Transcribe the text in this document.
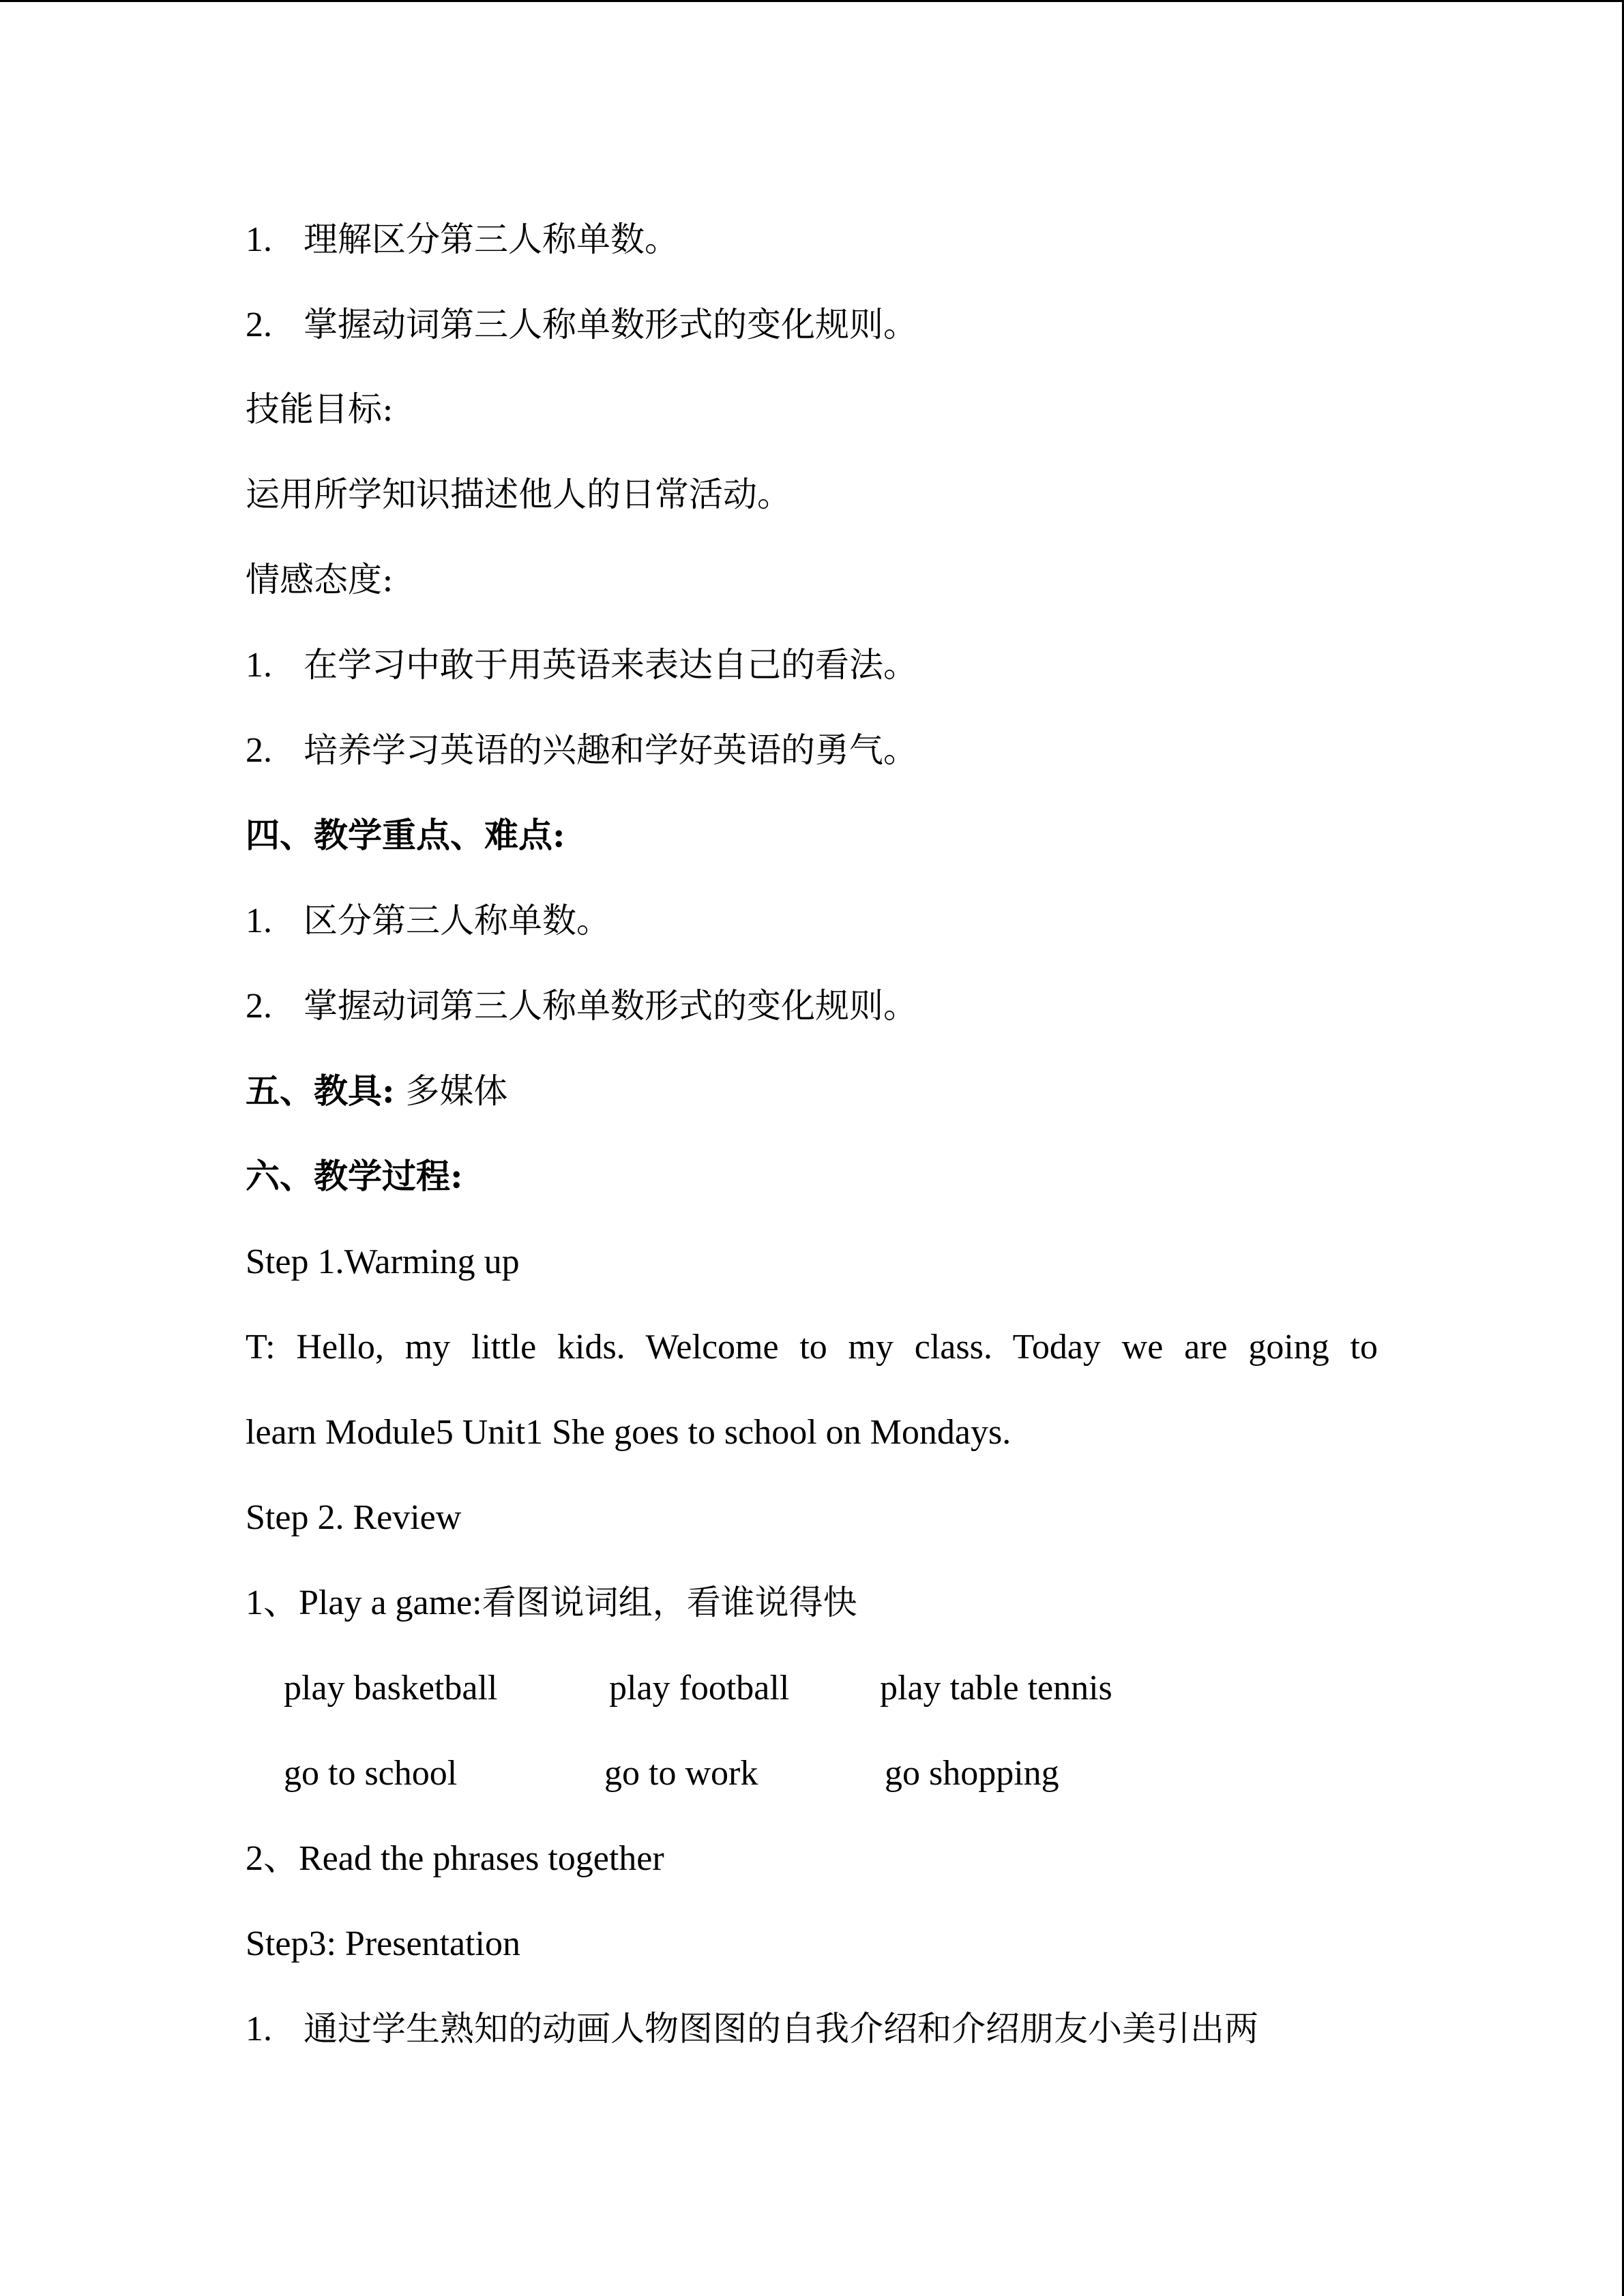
1. 理解区分第三人称单数。
2. 掌握动词第三人称单数形式的变化规则。
技能目标:
运用所学知识描述他人的日常活动。
情感态度:
1. 在学习中敢于用英语来表达自己的看法。
2. 培养学习英语的兴趣和学好英语的勇气。
四、教学重点、难点:
1. 区分第三人称单数。
2. 掌握动词第三人称单数形式的变化规则。
五、教具: 多媒体
六、教学过程:
Step 1.Warming up
T: Hello, my little kids. Welcome to my class. Today we are going to
learn Module5 Unit1 She goes to school on Mondays.
Step 2. Review
1、Play a game:看图说词组，看谁说得快
play basketball	play football	play table tennis
go to school	go to work	go shopping
2、Read the phrases together
Step3: Presentation
1. 通过学生熟知的动画人物图图的自我介绍和介绍朋友小美引出两
